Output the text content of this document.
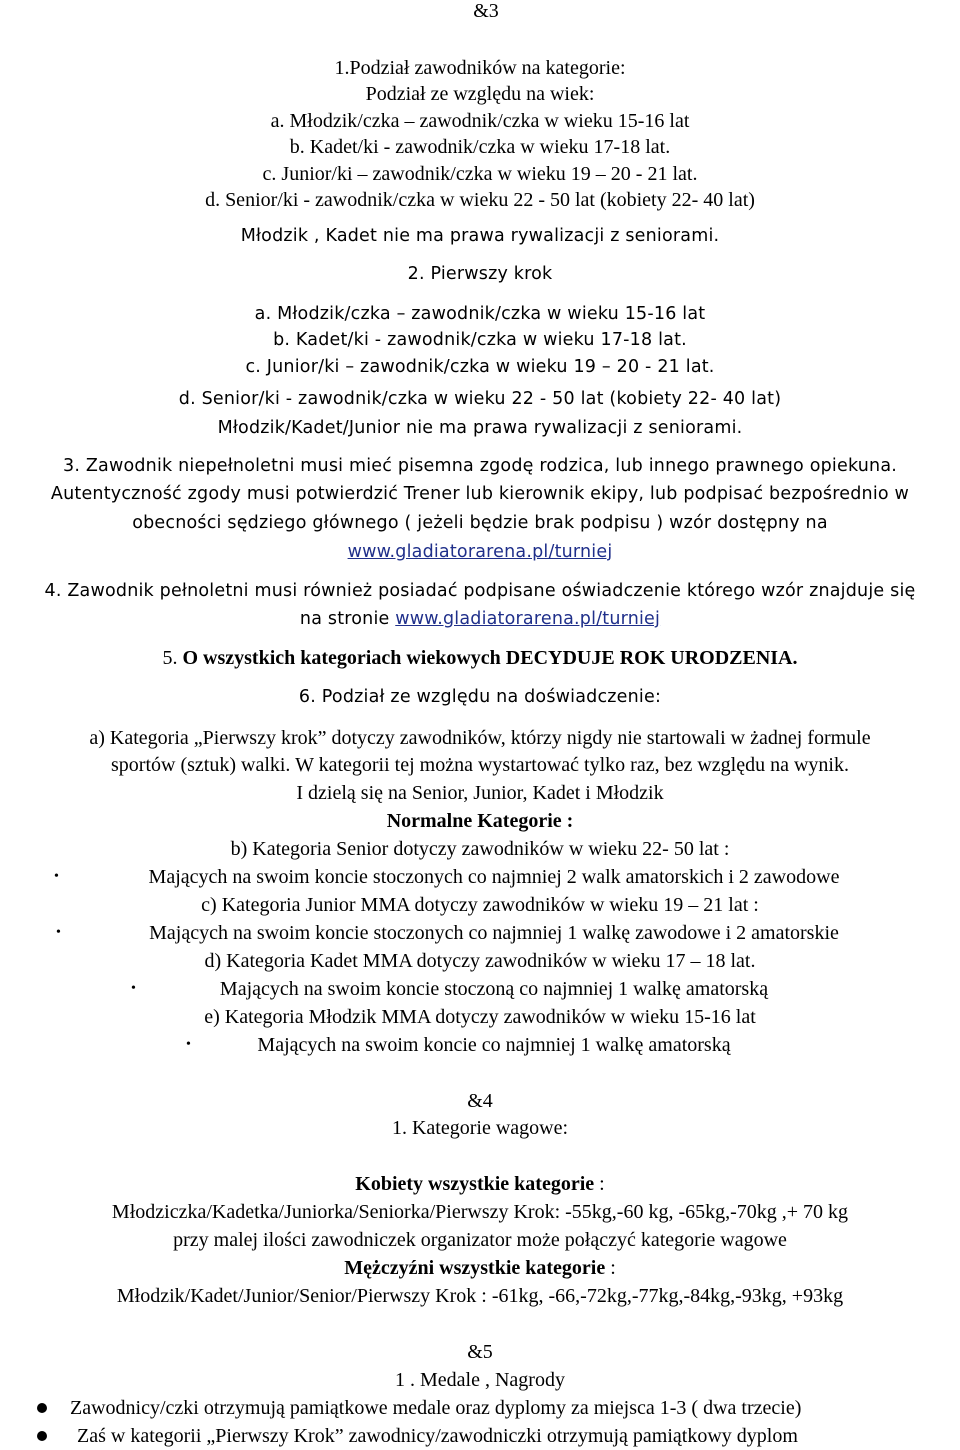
&3
1.Podział zawodników na kategorie:
Podział ze względu na wiek:
a. Młodzik/czka – zawodnik/czka w wieku 15-16 lat
b. Kadet/ki - zawodnik/czka w wieku 17-18 lat.
c. Junior/ki – zawodnik/czka w wieku 19 – 20 - 21 lat.
d. Senior/ki - zawodnik/czka w wieku 22 - 50 lat (kobiety 22- 40 lat)
Młodzik , Kadet nie ma prawa rywalizacji z seniorami.
2. Pierwszy krok
a. Młodzik/czka – zawodnik/czka w wieku 15-16 lat
b. Kadet/ki - zawodnik/czka w wieku 17-18 lat.
c. Junior/ki – zawodnik/czka w wieku 19 – 20 - 21 lat.
d. Senior/ki - zawodnik/czka w wieku 22 - 50 lat (kobiety 22- 40 lat)
Młodzik/Kadet/Junior nie ma prawa rywalizacji z seniorami.
3. Zawodnik niepełnoletni musi mieć pisemna zgodę rodzica, lub innego prawnego opiekuna.
Autentyczność zgody musi potwierdzić Trener lub kierownik ekipy, lub podpisać bezpośrednio w
obecności sędziego głównego ( jeżeli będzie brak podpisu ) wzór dostępny na
www.gladiatorarena.pl/turniej
4. Zawodnik pełnoletni musi również posiadać podpisane oświadczenie którego wzór znajduje się
na stronie www.gladiatorarena.pl/turniej
5. O wszystkich kategoriach wiekowych DECYDUJE ROK URODZENIA.
6. Podział ze względu na doświadczenie:
a) Kategoria „Pierwszy krok” dotyczy zawodników, którzy nigdy nie startowali w żadnej formule
sportów (sztuk) walki. W kategorii tej można wystartować tylko raz, bez względu na wynik.
I dzielą się na Senior, Junior, Kadet i Młodzik
Normalne Kategorie :
b) Kategoria Senior dotyczy zawodników w wieku 22- 50 lat :
•	Mających na swoim koncie stoczonych co najmniej 2 walk amatorskich i 2 zawodowe
c) Kategoria Junior MMA dotyczy zawodników w wieku 19 – 21 lat :
•	Mających na swoim koncie stoczonych co najmniej 1 walkę zawodowe i 2 amatorskie
d) Kategoria Kadet MMA dotyczy zawodników w wieku 17 – 18 lat.
•	Mających na swoim koncie stoczoną co najmniej 1 walkę amatorską
e) Kategoria Młodzik MMA dotyczy zawodników w wieku 15-16 lat
•	Mających na swoim koncie co najmniej 1 walkę amatorską
&4
1. Kategorie wagowe:
Kobiety wszystkie kategorie :
Młodziczka/Kadetka/Juniorka/Seniorka/Pierwszy Krok: -55kg,-60 kg, -65kg,-70kg ,+ 70 kg
przy malej ilości zawodniczek organizator może połączyć kategorie wagowe
Mężczyźni wszystkie kategorie :
Młodzik/Kadet/Junior/Senior/Pierwszy Krok : -61kg, -66,-72kg,-77kg,-84kg,-93kg, +93kg
&5
1 . Medale , Nagrody
Zawodnicy/czki otrzymują pamiątkowe medale oraz dyplomy za miejsca 1-3 ( dwa trzecie)
Zaś w kategorii „Pierwszy Krok” zawodnicy/zawodniczki otrzymują pamiątkowy dyplom
